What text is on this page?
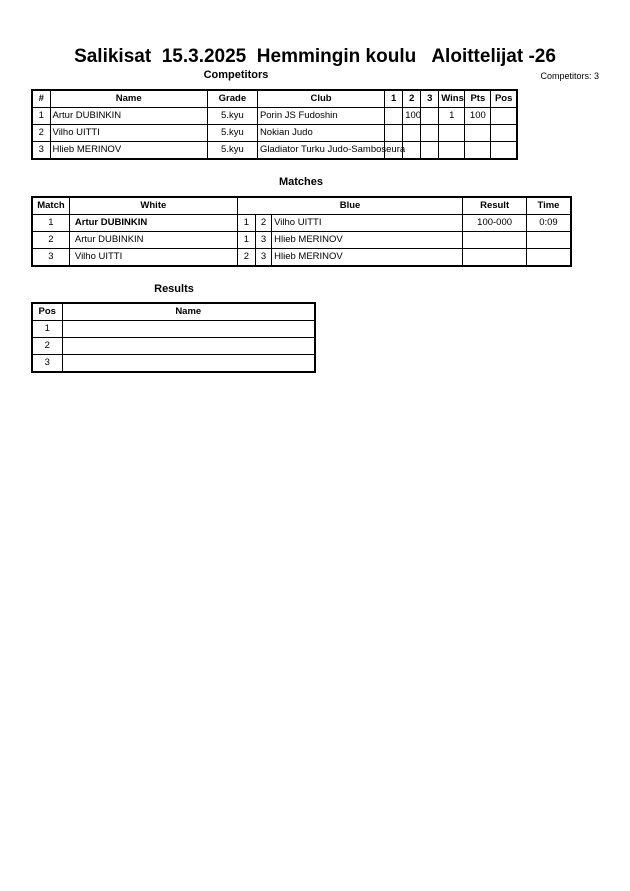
Salikisat  15.3.2025  Hemmingin koulu   Aloittelijat -26
Competitors	Competitors: 3
#	Name	Grade	Club	1	2	3	Wins	Pts	Pos
1	Artur DUBINKIN	5.kyu	Porin JS Fudoshin		100		1	100	
2	Vilho UITTI	5.kyu	Nokian Judo						
3	Hlieb MERINOV	5.kyu	Gladiator Turku Judo-Samboseura						
Matches
Match	White	Blue			Result	Time
1	Artur DUBINKIN	1	2	Vilho UITTI	100-000	0:09
2	Artur DUBINKIN	1	3	Hlieb MERINOV		
3	Vilho UITTI	2	3	Hlieb MERINOV		
Results
Pos	Name
1	
2	
3	
